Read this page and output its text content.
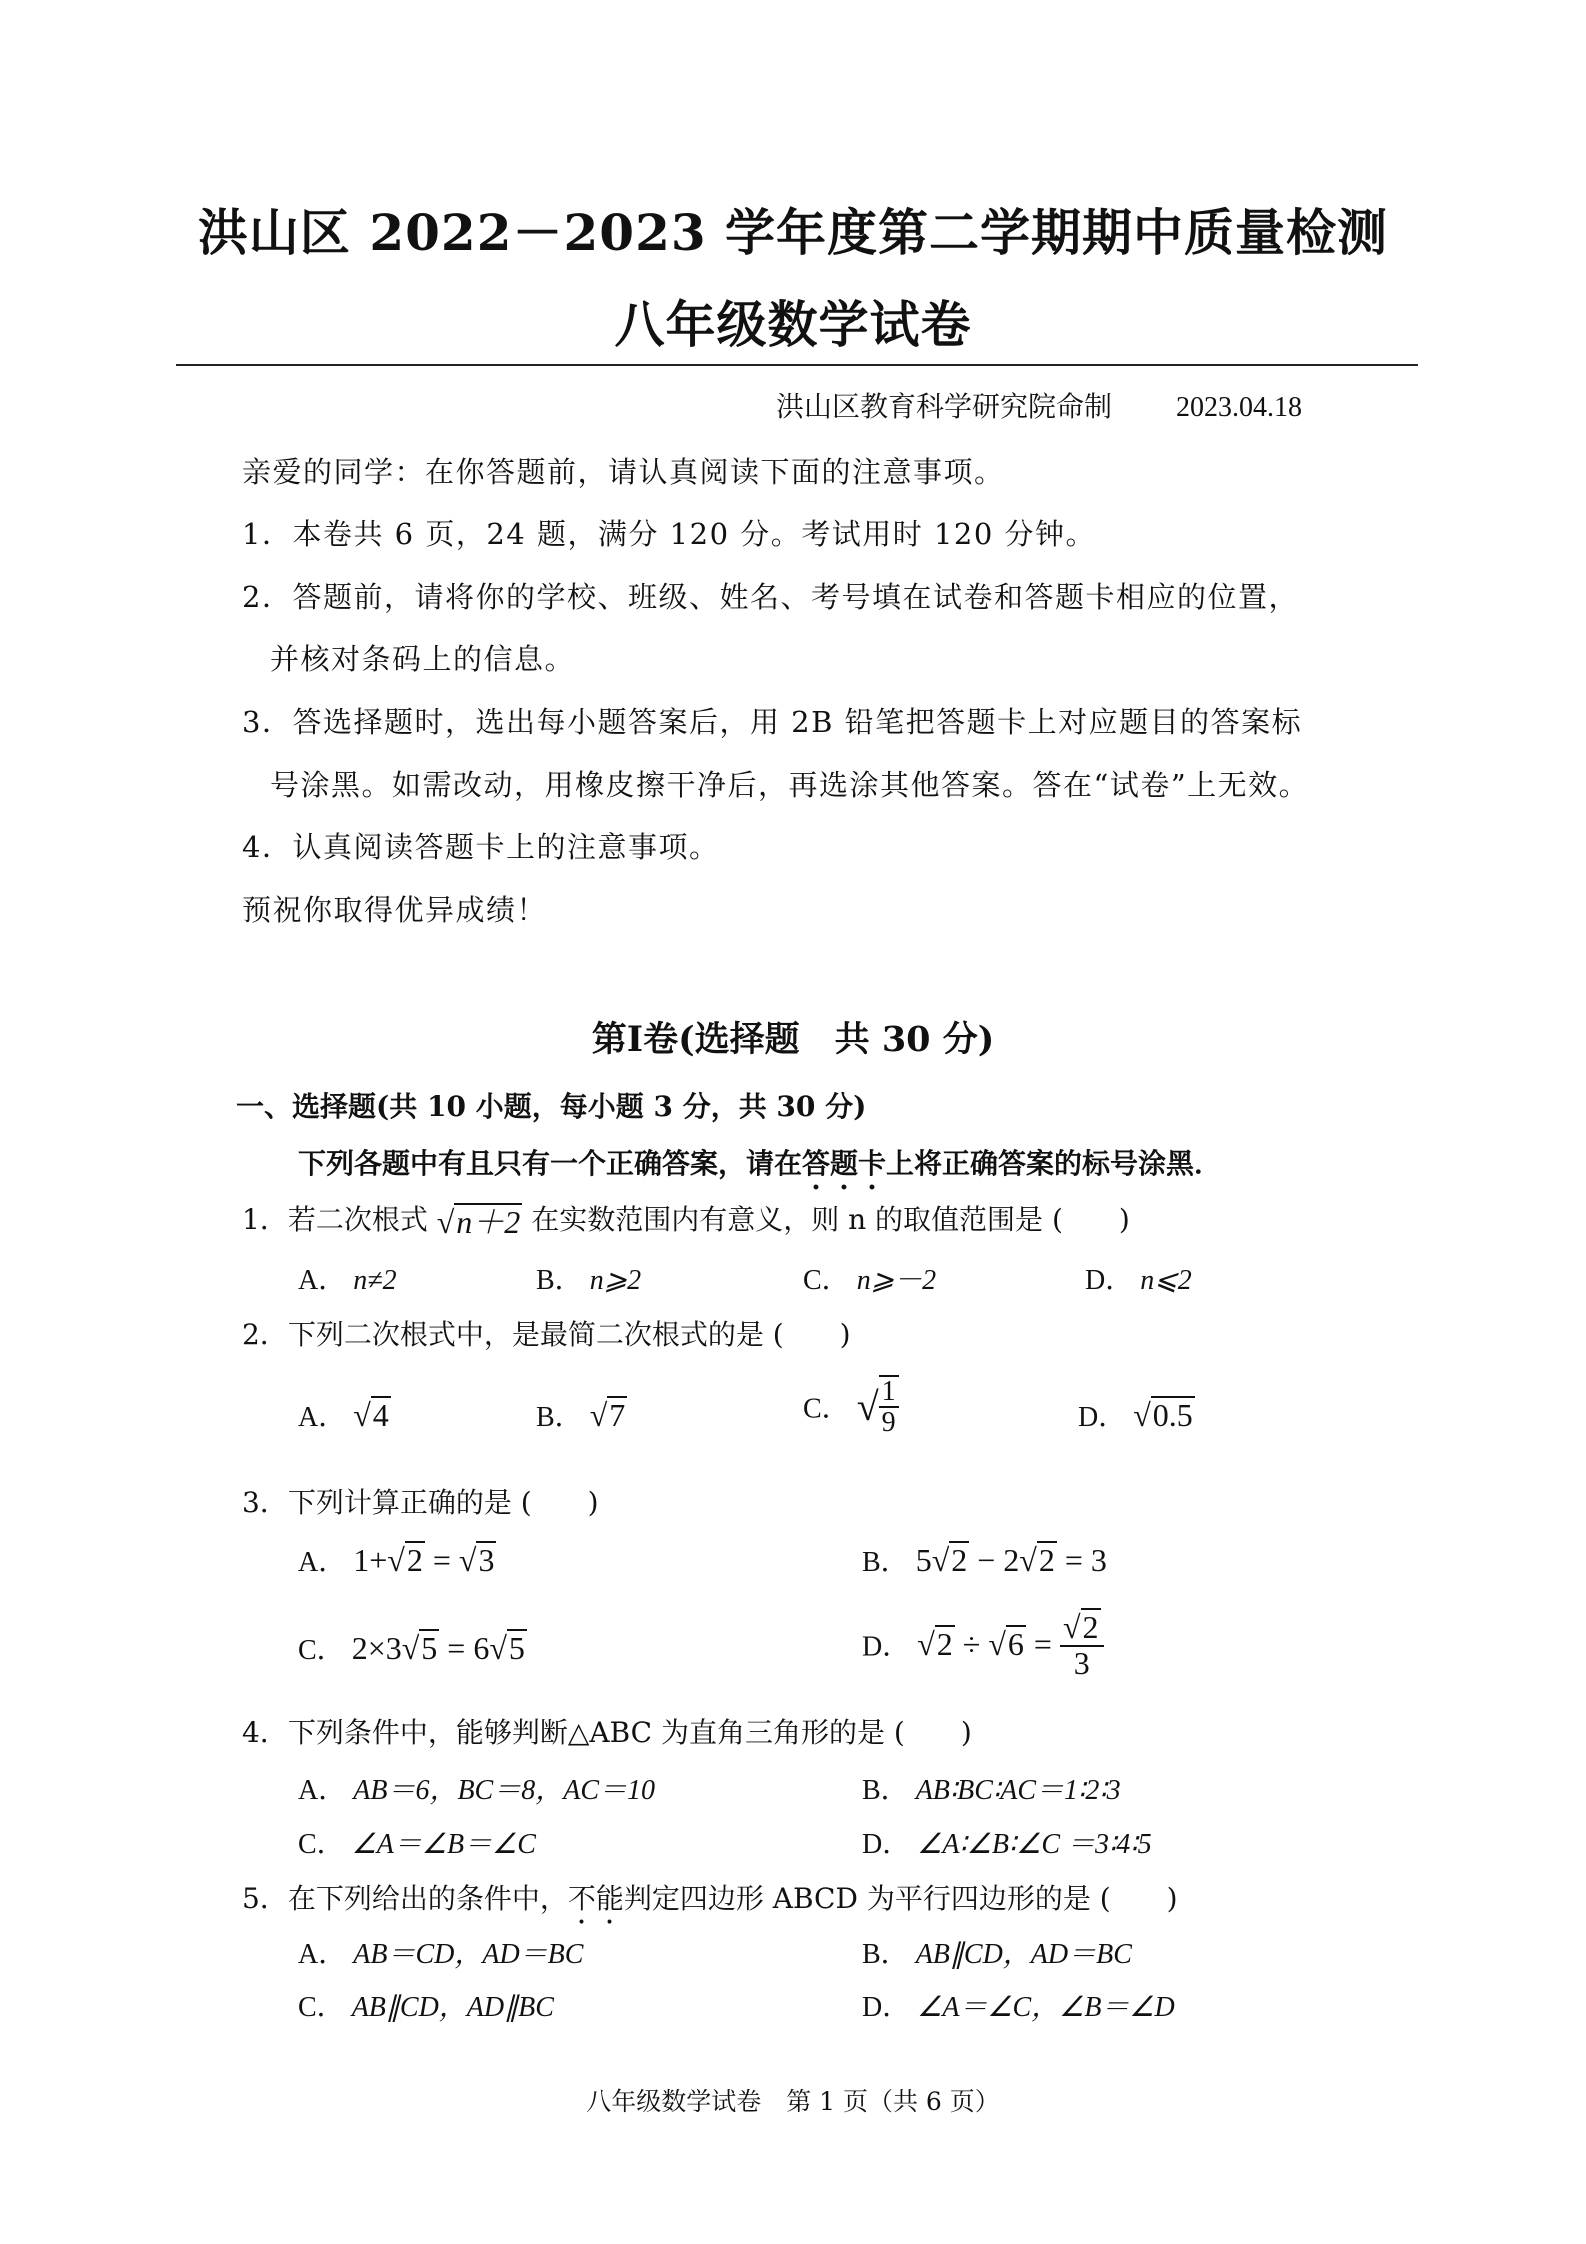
洪山区 2022－2023 学年度第二学期期中质量检测
八年级数学试卷
洪山区教育科学研究院命制 2023.04.18
亲爱的同学：在你答题前，请认真阅读下面的注意事项。
1．本卷共 6 页，24 题，满分 120 分。考试用时 120 分钟。
2．答题前，请将你的学校、班级、姓名、考号填在试卷和答题卡相应的位置，
并核对条码上的信息。
3．答选择题时，选出每小题答案后，用 2B 铅笔把答题卡上对应题目的答案标
号涂黑。如需改动，用橡皮擦干净后，再选涂其他答案。答在“试卷”上无效。
4．认真阅读答题卡上的注意事项。
预祝你取得优异成绩！
第Ⅰ卷(选择题　共 30 分)
一、选择题(共 10 小题，每小题 3 分，共 30 分)
下列各题中有且只有一个正确答案，请在答题卡上将正确答案的标号涂黑．
1．若二次根式 √n＋2 在实数范围内有意义，则 n 的取值范围是 (　　)
A． n≠2	B． n⩾2	C． n⩾－2	D． n⩽2
2．下列二次根式中，是最简二次根式的是 (　　)
A． √4	B． √7	C． √ $\frac{1}{9}$	D． √0.5
3．下列计算正确的是 (　　)
A． 1+√2 = √3	B． 5√2 − 2√2 = 3
C． 2×3√5 = 6√5	D． $√2 \div √6 = \frac{√2}{3}$
4．下列条件中，能够判断△ABC 为直角三角形的是 (　　)
A． AB＝6，BC＝8，AC＝10	B． AB∶BC∶AC＝1∶2∶3
C． ∠A＝∠B＝∠C	D． ∠A∶∠B∶∠C ＝3∶4∶5
5．在下列给出的条件中，不能判定四边形 ABCD 为平行四边形的是 (　　)
A． AB＝CD，AD＝BC	B． AB∥CD，AD＝BC
C． AB∥CD，AD∥BC	D． ∠A＝∠C，∠B＝∠D
八年级数学试卷　第 1 页（共 6 页）
